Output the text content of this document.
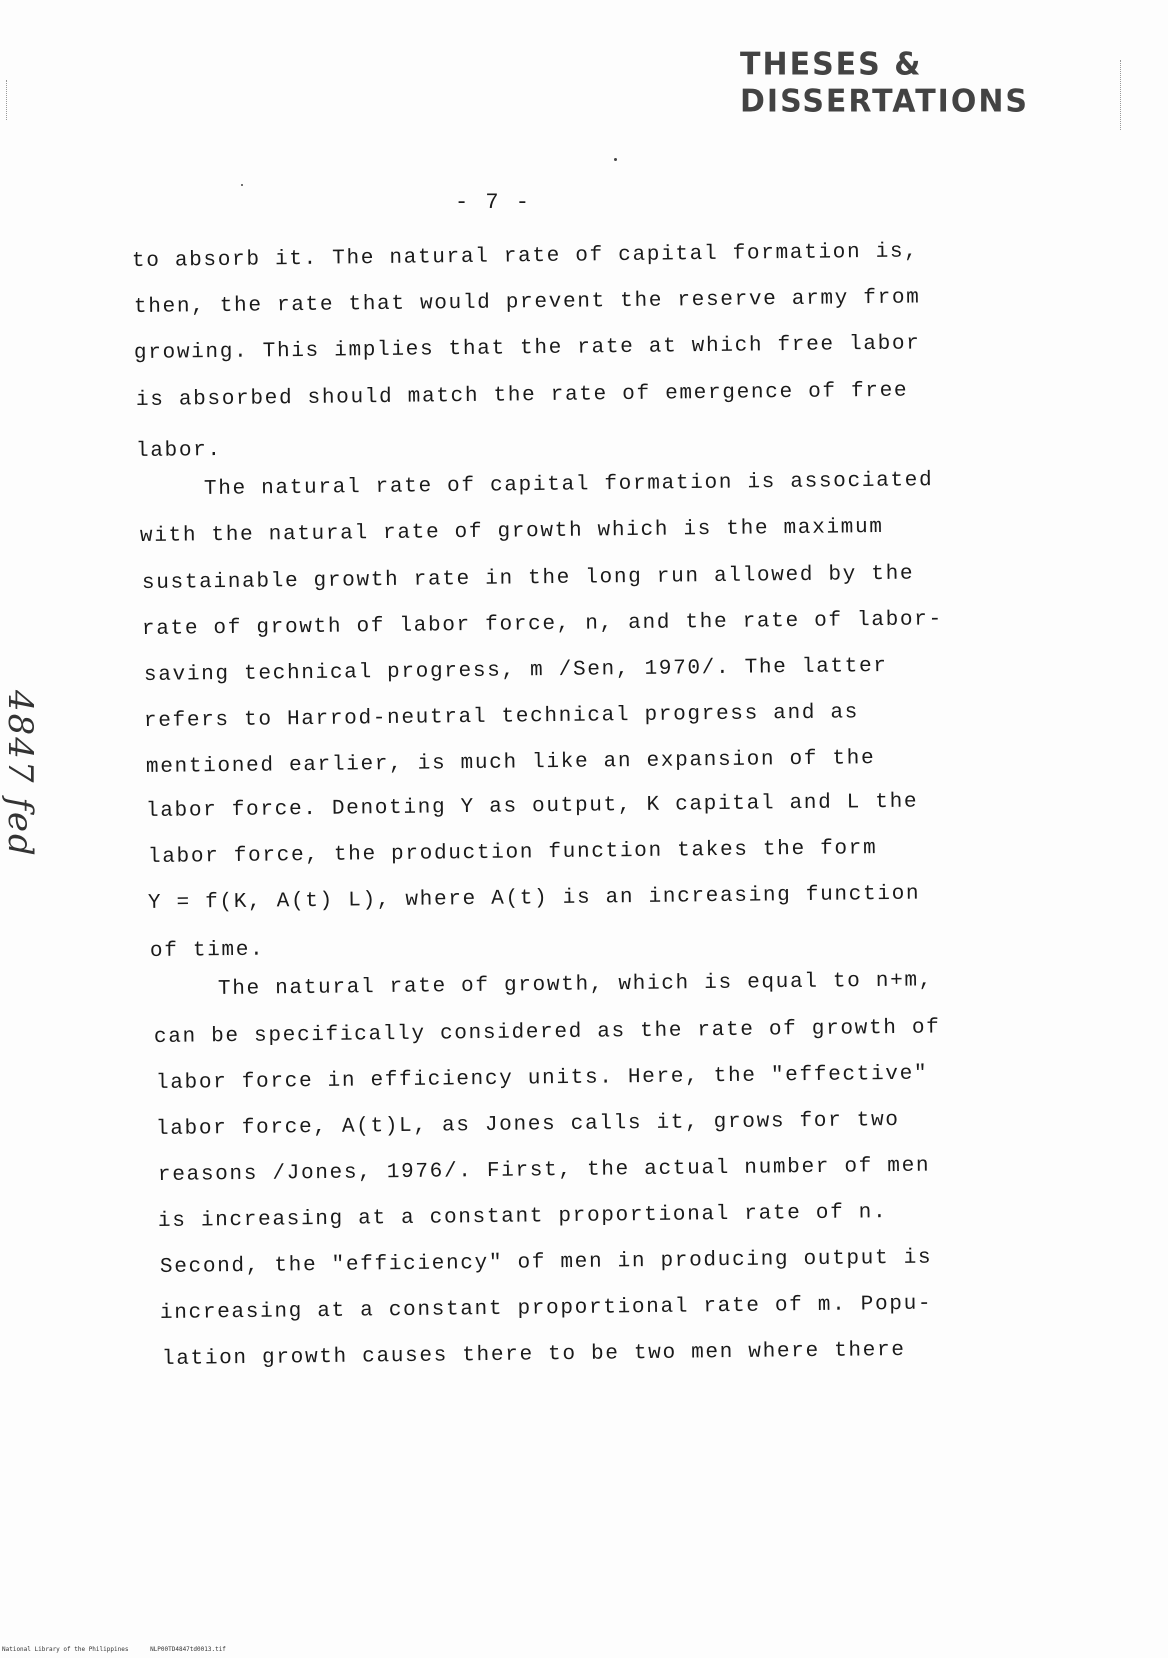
THESES & DISSERTATIONS
- 7 -
4847 fed
to absorb it. The natural rate of capital formation is,
then, the rate that would prevent the reserve army from
growing. This implies that the rate at which free labor
is absorbed should match the rate of emergence of free
labor.
The natural rate of capital formation is associated
with the natural rate of growth which is the maximum
sustainable growth rate in the long run allowed by the
rate of growth of labor force, n, and the rate of labor-
saving technical progress, m /Sen, 1970/. The latter
refers to Harrod-neutral technical progress and as
mentioned earlier, is much like an expansion of the
labor force. Denoting Y as output, K capital and L the
labor force, the production function takes the form
Y = f(K, A(t) L), where A(t) is an increasing function
of time.
The natural rate of growth, which is equal to n+m,
can be specifically considered as the rate of growth of
labor force in efficiency units. Here, the "effective"
labor force, A(t)L, as Jones calls it, grows for two
reasons /Jones, 1976/. First, the actual number of men
is increasing at a constant proportional rate of n.
Second, the "efficiency" of men in producing output is
increasing at a constant proportional rate of m. Popu-
lation growth causes there to be two men where there
National Library of the Philippines	NLP00TD4847td0013.tif
